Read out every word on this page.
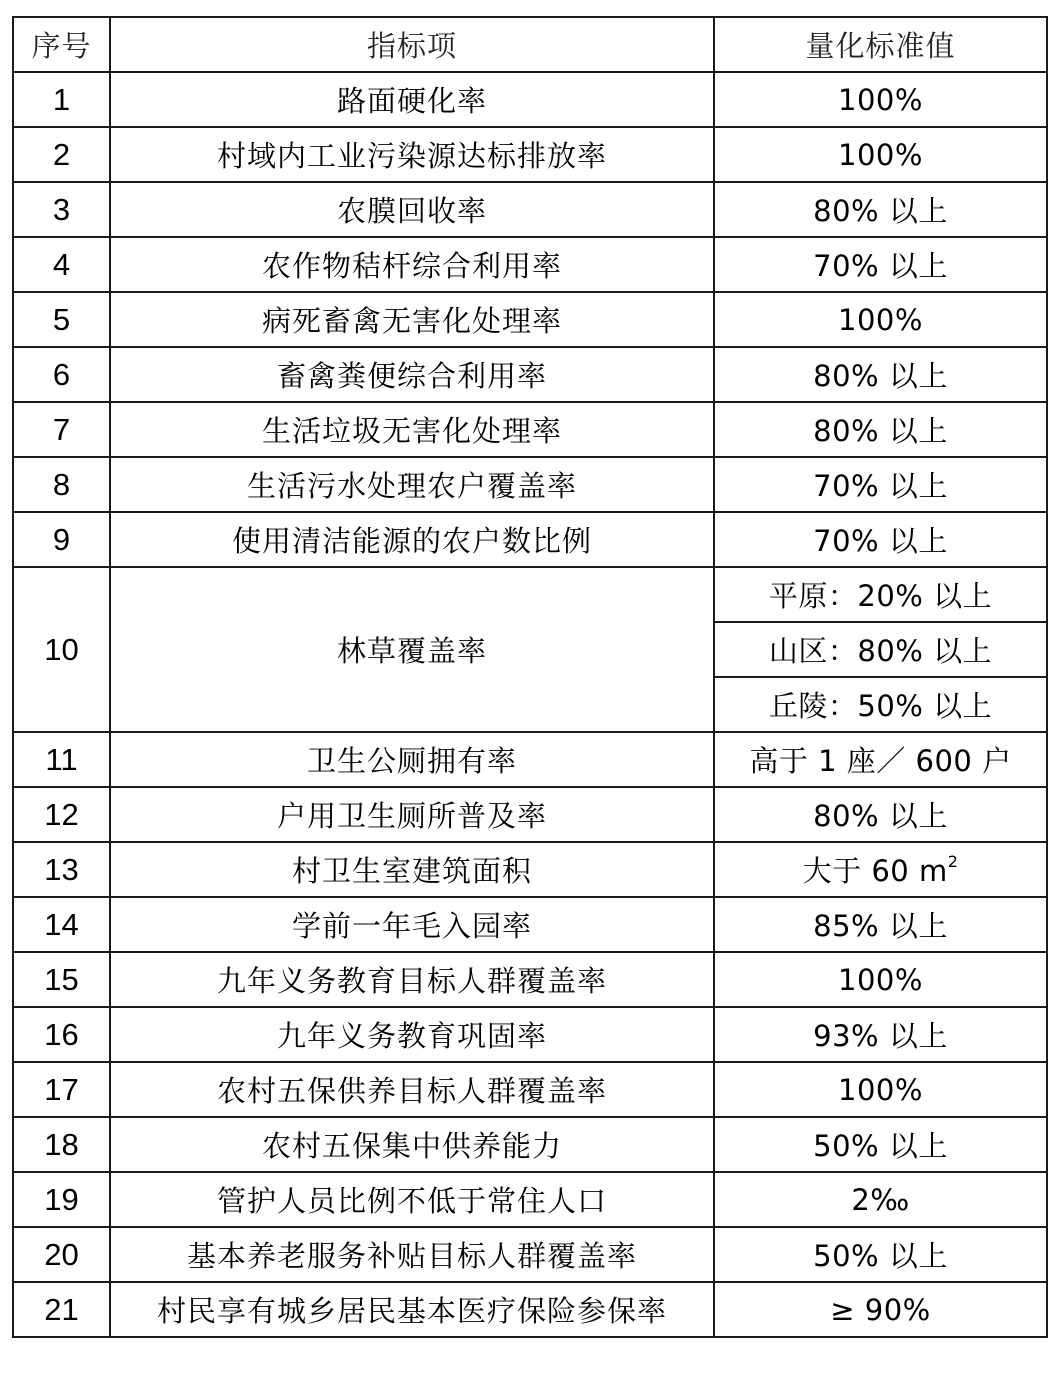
序号	指标项	量化标准值
1	路面硬化率	100%
2	村域内工业污染源达标排放率	100%
3	农膜回收率	80% 以上
4	农作物秸杆综合利用率	70% 以上
5	病死畜禽无害化处理率	100%
6	畜禽粪便综合利用率	80% 以上
7	生活垃圾无害化处理率	80% 以上
8	生活污水处理农户覆盖率	70% 以上
9	使用清洁能源的农户数比例	70% 以上
10	林草覆盖率	平原：20% 以上
		山区：80% 以上
		丘陵：50% 以上
11	卫生公厕拥有率	高于 1 座／ 600 户
12	户用卫生厕所普及率	80% 以上
13	村卫生室建筑面积	大于 60 $m^2$
14	学前一年毛入园率	85% 以上
15	九年义务教育目标人群覆盖率	100%
16	九年义务教育巩固率	93% 以上
17	农村五保供养目标人群覆盖率	100%
18	农村五保集中供养能力	50% 以上
19	管护人员比例不低于常住人口	2‰
20	基本养老服务补贴目标人群覆盖率	50% 以上
21	村民享有城乡居民基本医疗保险参保率	≥ 90%
